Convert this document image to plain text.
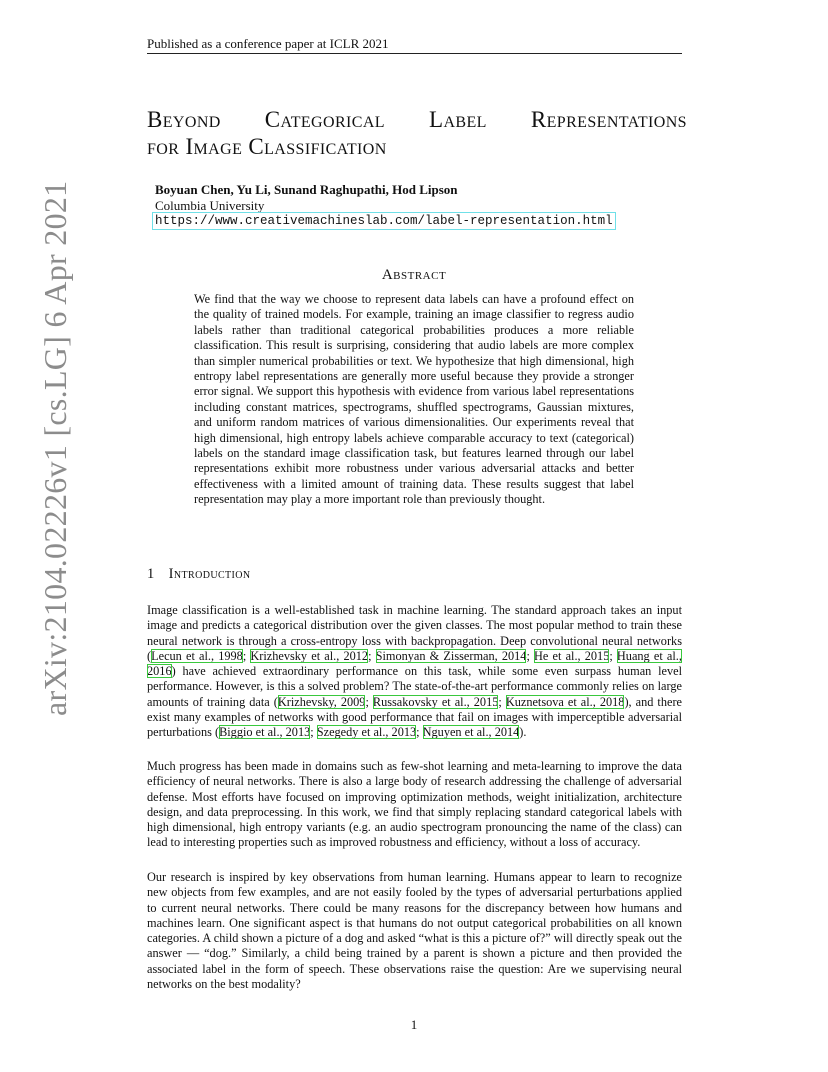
Published as a conference paper at ICLR 2021
arXiv:2104.02226v1 [cs.LG] 6 Apr 2021
Beyond Categorical Label Representations
for Image Classification
Boyuan Chen, Yu Li, Sunand Raghupathi, Hod Lipson
Columbia University
https://www.creativemachineslab.com/label-representation.html
Abstract
We find that the way we choose to represent data labels can have a profound effect on the quality of trained models. For example, training an image classifier to regress audio labels rather than traditional categorical probabilities produces a more reliable classification. This result is surprising, considering that audio labels are more complex than simpler numerical probabilities or text. We hypothesize that high dimensional, high entropy label representations are generally more useful because they provide a stronger error signal. We support this hypothesis with evidence from various label representations including constant matrices, spectrograms, shuffled spectrograms, Gaussian mixtures, and uniform random matrices of various dimensionalities. Our experiments reveal that high dimensional, high entropy labels achieve comparable accuracy to text (categorical) labels on the standard image classification task, but features learned through our label representations exhibit more robustness under various adversarial attacks and better effectiveness with a limited amount of training data. These results suggest that label representation may play a more important role than previously thought.
1 Introduction
Image classification is a well-established task in machine learning. The standard approach takes an input image and predicts a categorical distribution over the given classes. The most popular method to train these neural network is through a cross-entropy loss with backpropagation. Deep convolutional neural networks (Lecun et al., 1998; Krizhevsky et al., 2012; Simonyan & Zisserman, 2014; He et al., 2015; Huang et al., 2016) have achieved extraordinary performance on this task, while some even surpass human level performance. However, is this a solved problem? The state-of-the-art performance commonly relies on large amounts of training data (Krizhevsky, 2009; Russakovsky et al., 2015; Kuznetsova et al., 2018), and there exist many examples of networks with good performance that fail on images with imperceptible adversarial perturbations (Biggio et al., 2013; Szegedy et al., 2013; Nguyen et al., 2014).
Much progress has been made in domains such as few-shot learning and meta-learning to improve the data efficiency of neural networks. There is also a large body of research addressing the challenge of adversarial defense. Most efforts have focused on improving optimization methods, weight initialization, architecture design, and data preprocessing. In this work, we find that simply replacing standard categorical labels with high dimensional, high entropy variants (e.g. an audio spectrogram pronouncing the name of the class) can lead to interesting properties such as improved robustness and efficiency, without a loss of accuracy.
Our research is inspired by key observations from human learning. Humans appear to learn to recognize new objects from few examples, and are not easily fooled by the types of adversarial perturbations applied to current neural networks. There could be many reasons for the discrepancy between how humans and machines learn. One significant aspect is that humans do not output categorical probabilities on all known categories. A child shown a picture of a dog and asked “what is this a picture of?” will directly speak out the answer — “dog.” Similarly, a child being trained by a parent is shown a picture and then provided the associated label in the form of speech. These observations raise the question: Are we supervising neural networks on the best modality?
1
